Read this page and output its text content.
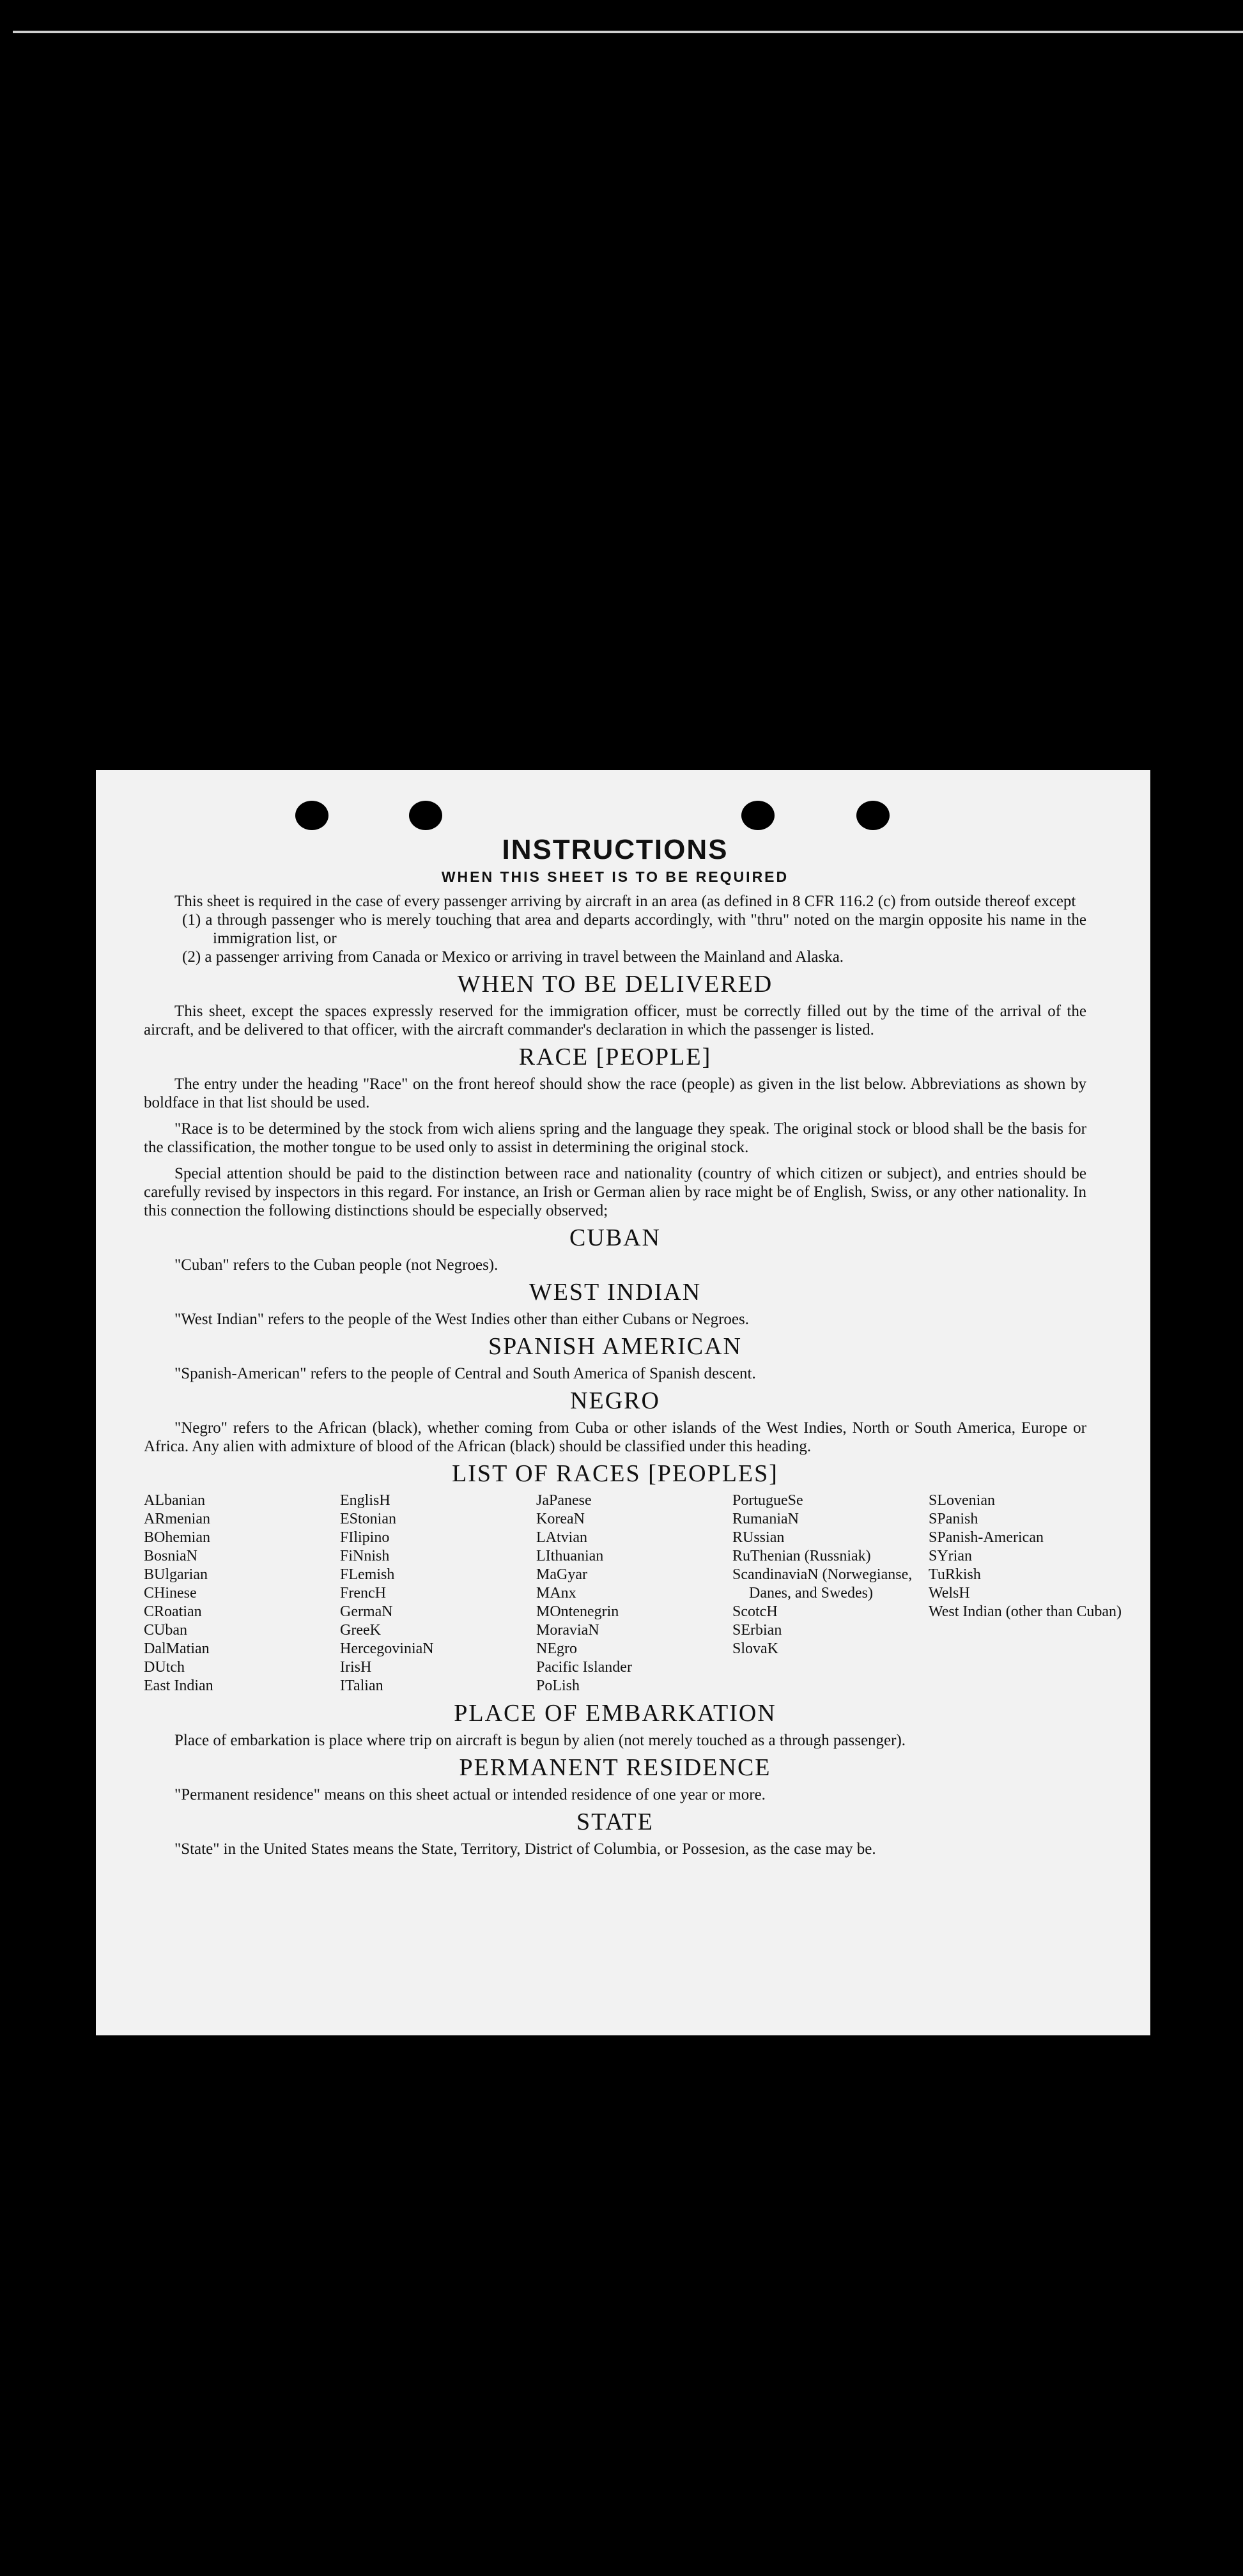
INSTRUCTIONS
WHEN THIS SHEET IS TO BE REQUIRED

This sheet is required in the case of every passenger arriving by aircraft in an area (as defined in 8 CFR 116.2 (c) from outside thereof except

(1) a through passenger who is merely touching that area and departs accordingly, with "thru" noted on the margin opposite his name in the immigration list, or

(2) a passenger arriving from Canada or Mexico or arriving in travel between the Mainland and Alaska.

WHEN TO BE DELIVERED

This sheet, except the spaces expressly reserved for the immigration officer, must be correctly filled out by the time of the arrival of the aircraft, and be delivered to that officer, with the aircraft commander's declaration in which the passenger is listed.

RACE [PEOPLE]

The entry under the heading "Race" on the front hereof should show the race (people) as given in the list below. Abbreviations as shown by boldface in that list should be used.

"Race is to be determined by the stock from wich aliens spring and the language they speak. The original stock or blood shall be the basis for the classification, the mother tongue to be used only to assist in determining the original stock.

Special attention should be paid to the distinction between race and nationality (country of which citizen or subject), and entries should be carefully revised by inspectors in this regard. For instance, an Irish or German alien by race might be of English, Swiss, or any other nationality. In this connection the following distinctions should be especially observed;

CUBAN

"Cuban" refers to the Cuban people (not Negroes).

WEST INDIAN

"West Indian" refers to the people of the West Indies other than either Cubans or Negroes.

SPANISH AMERICAN

"Spanish-American" refers to the people of Central and South America of Spanish descent.

NEGRO

"Negro" refers to the African (black), whether coming from Cuba or other islands of the West Indies, North or South America, Europe or Africa. Any alien with admixture of blood of the African (black) should be classified under this heading.

LIST OF RACES [PEOPLES]
ALbanian
ARmenian
BOhemian
BosniaN
BUlgarian
CHinese
CRoatian
CUban
DalMatian
DUtch
East Indian
EnglisH
EStonian
FIlipino
FiNnish
FLemish
FrencH
GermaN
GreeK
HercegoviniaN
IrisH
ITalian
JaPanese
KoreaN
LAtvian
LIthuanian
MaGyar
MAnx
MOntenegrin
MoraviaN
NEgro
Pacific Islander
PoLish
PortugueSe
RumaniaN
RUssian
RuThenian (Russniak)
ScandinaviaN (Norwegianse, Danes, and Swedes)
ScotcH
SErbian
SlovaK
SLovenian
SPanish
SPanish-American
SYrian
TuRkish
WelsH
West Indian (other than Cuban)
PLACE OF EMBARKATION

Place of embarkation is place where trip on aircraft is begun by alien (not merely touched as a through passenger).

PERMANENT RESIDENCE

"Permanent residence" means on this sheet actual or intended residence of one year or more.

STATE

"State" in the United States means the State, Territory, District of Columbia, or Possesion, as the case may be.
